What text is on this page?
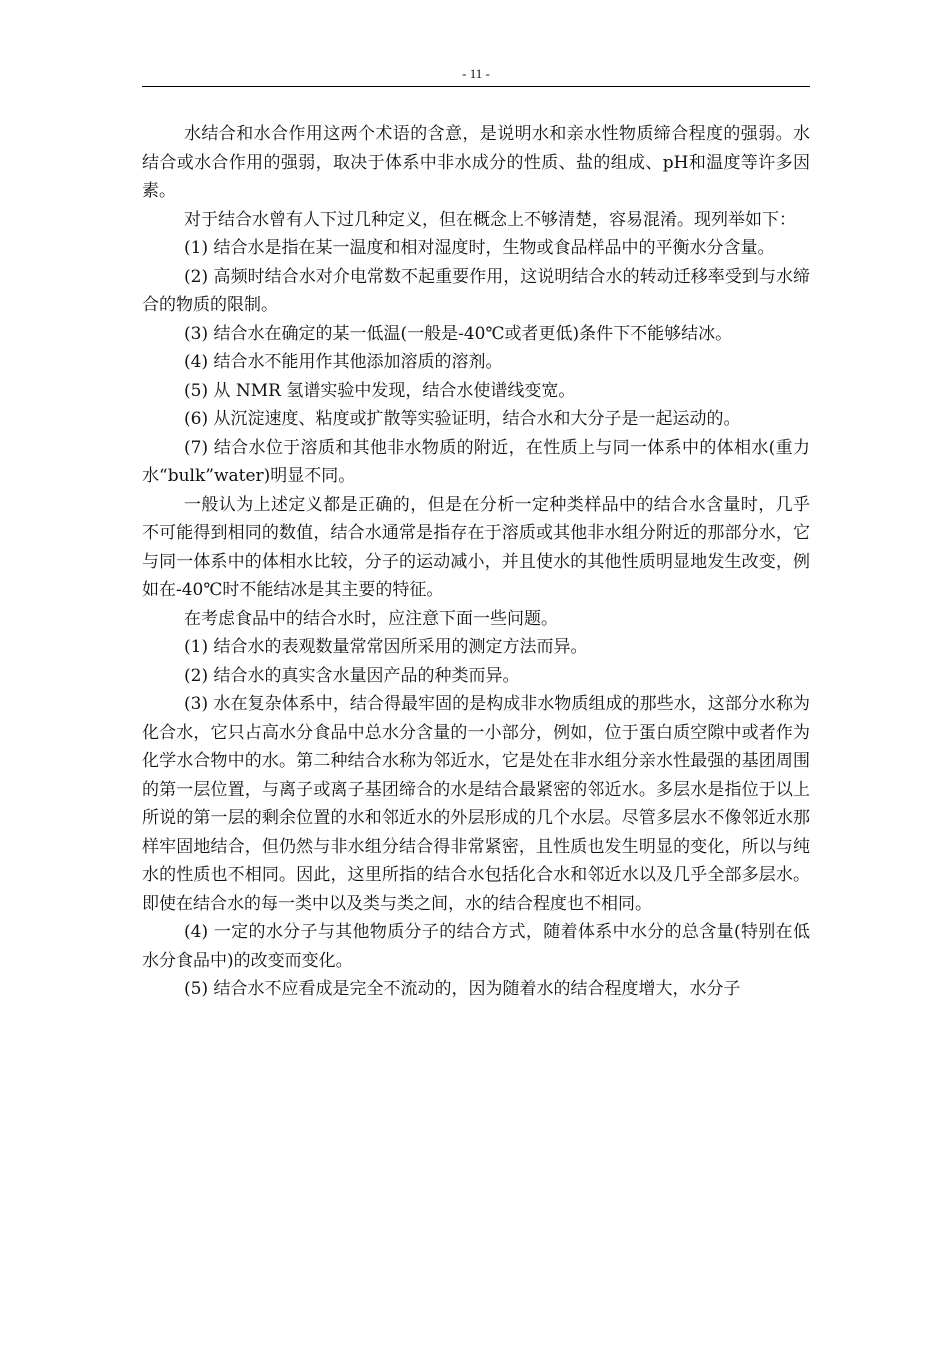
- 11 -

水结合和水合作用这两个术语的含意，是说明水和亲水性物质缔合程度的强弱。水结合或水合作用的强弱，取决于体系中非水成分的性质、盐的组成、pH和温度等许多因素。

对于结合水曾有人下过几种定义，但在概念上不够清楚，容易混淆。现列举如下：

(1) 结合水是指在某一温度和相对湿度时，生物或食品样品中的平衡水分含量。

(2) 高频时结合水对介电常数不起重要作用，这说明结合水的转动迁移率受到与水缔合的物质的限制。

(3) 结合水在确定的某一低温(一般是-40℃或者更低)条件下不能够结冰。

(4) 结合水不能用作其他添加溶质的溶剂。

(5) 从 NMR 氢谱实验中发现，结合水使谱线变宽。

(6) 从沉淀速度、粘度或扩散等实验证明，结合水和大分子是一起运动的。

(7) 结合水位于溶质和其他非水物质的附近，在性质上与同一体系中的体相水(重力水“bulk”water)明显不同。

一般认为上述定义都是正确的，但是在分析一定种类样品中的结合水含量时，几乎不可能得到相同的数值，结合水通常是指存在于溶质或其他非水组分附近的那部分水，它与同一体系中的体相水比较，分子的运动减小，并且使水的其他性质明显地发生改变，例如在-40℃时不能结冰是其主要的特征。

在考虑食品中的结合水时，应注意下面一些问题。

(1) 结合水的表观数量常常因所采用的测定方法而异。

(2) 结合水的真实含水量因产品的种类而异。

(3) 水在复杂体系中，结合得最牢固的是构成非水物质组成的那些水，这部分水称为化合水，它只占高水分食品中总水分含量的一小部分，例如，位于蛋白质空隙中或者作为化学水合物中的水。第二种结合水称为邻近水，它是处在非水组分亲水性最强的基团周围的第一层位置，与离子或离子基团缔合的水是结合最紧密的邻近水。多层水是指位于以上所说的第一层的剩余位置的水和邻近水的外层形成的几个水层。尽管多层水不像邻近水那样牢固地结合，但仍然与非水组分结合得非常紧密，且性质也发生明显的变化，所以与纯水的性质也不相同。因此，这里所指的结合水包括化合水和邻近水以及几乎全部多层水。即使在结合水的每一类中以及类与类之间，水的结合程度也不相同。

(4) 一定的水分子与其他物质分子的结合方式，随着体系中水分的总含量(特别在低水分食品中)的改变而变化。

(5) 结合水不应看成是完全不流动的，因为随着水的结合程度增大，水分子
